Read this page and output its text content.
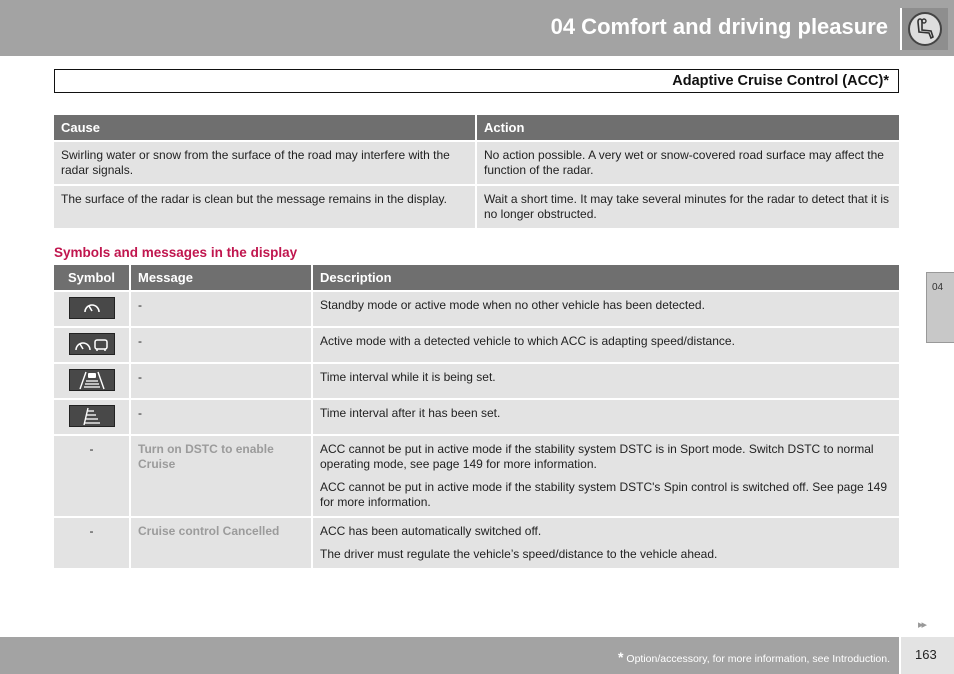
04 Comfort and driving pleasure
Adaptive Cruise Control (ACC)*
Cause	Action
Swirling water or snow from the surface of the road may interfere with the radar signals.	No action possible. A very wet or snow-covered road surface may affect the function of the radar.
The surface of the radar is clean but the message remains in the display.	Wait a short time. It may take several minutes for the radar to detect that it is no longer obstructed.
Symbols and messages in the display
Symbol	Message	Description

	-	Standby mode or active mode when no other vehicle has been detected.

	-	Active mode with a detected vehicle to which ACC is adapting speed/distance.

	-	Time interval while it is being set.

	-	Time interval after it has been set.
-	Turn on DSTC to enable Cruise	ACC cannot be put in active mode if the stability system DSTC is in Sport mode. Switch DSTC to normal operating mode, see page 149 for more information.

ACC cannot be put in active mode if the stability system DSTC's Spin control is switched off. See page 149 for more information.

-	Cruise control Cancelled	ACC has been automatically switched off.

The driver must regulate the vehicle’s speed/distance to the vehicle ahead.

04
▸▸
* Option/accessory, for more information, see Introduction. 163
